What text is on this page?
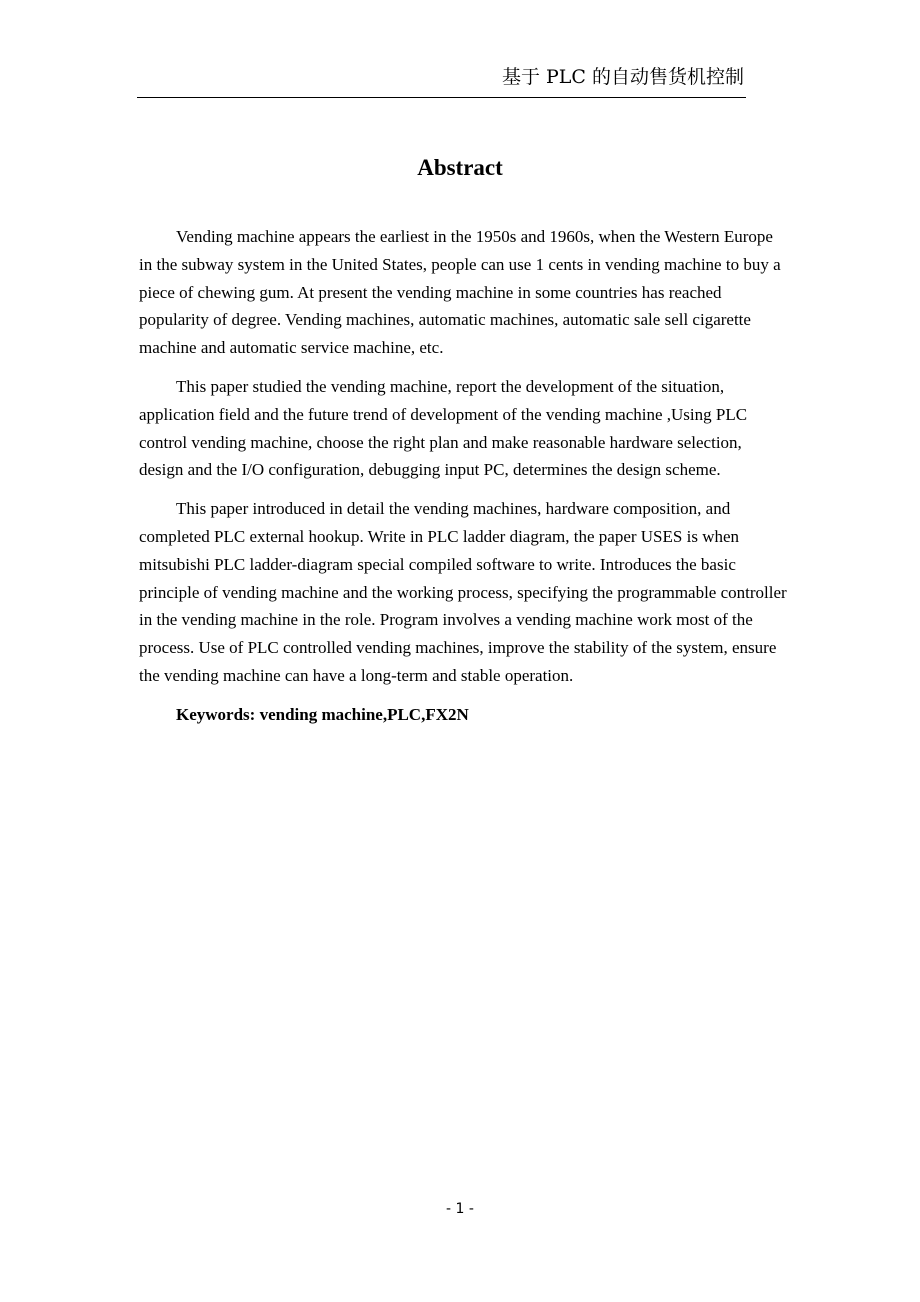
基于 PLC 的自动售货机控制
Abstract

Vending machine appears the earliest in the 1950s and 1960s, when the Western Europe in the subway system in the United States, people can use 1 cents in vending machine to buy a piece of chewing gum. At present the vending machine in some countries has reached popularity of degree. Vending machines, automatic machines, automatic sale sell cigarette machine and automatic service machine, etc.

This paper studied the vending machine, report the development of the situation, application field and the future trend of development of the vending machine ,Using PLC control vending machine, choose the right plan and make reasonable hardware selection, design and the I/O configuration, debugging input PC, determines the design scheme.

This paper introduced in detail the vending machines, hardware composition, and completed PLC external hookup. Write in PLC ladder diagram, the paper USES is when mitsubishi PLC ladder-diagram special compiled software to write. Introduces the basic principle of vending machine and the working process, specifying the programmable controller in the vending machine in the role. Program involves a vending machine work most of the process. Use of PLC controlled vending machines, improve the stability of the system, ensure the vending machine can have a long-term and stable operation.

Keywords: vending machine,PLC,FX2N

- 1 -
